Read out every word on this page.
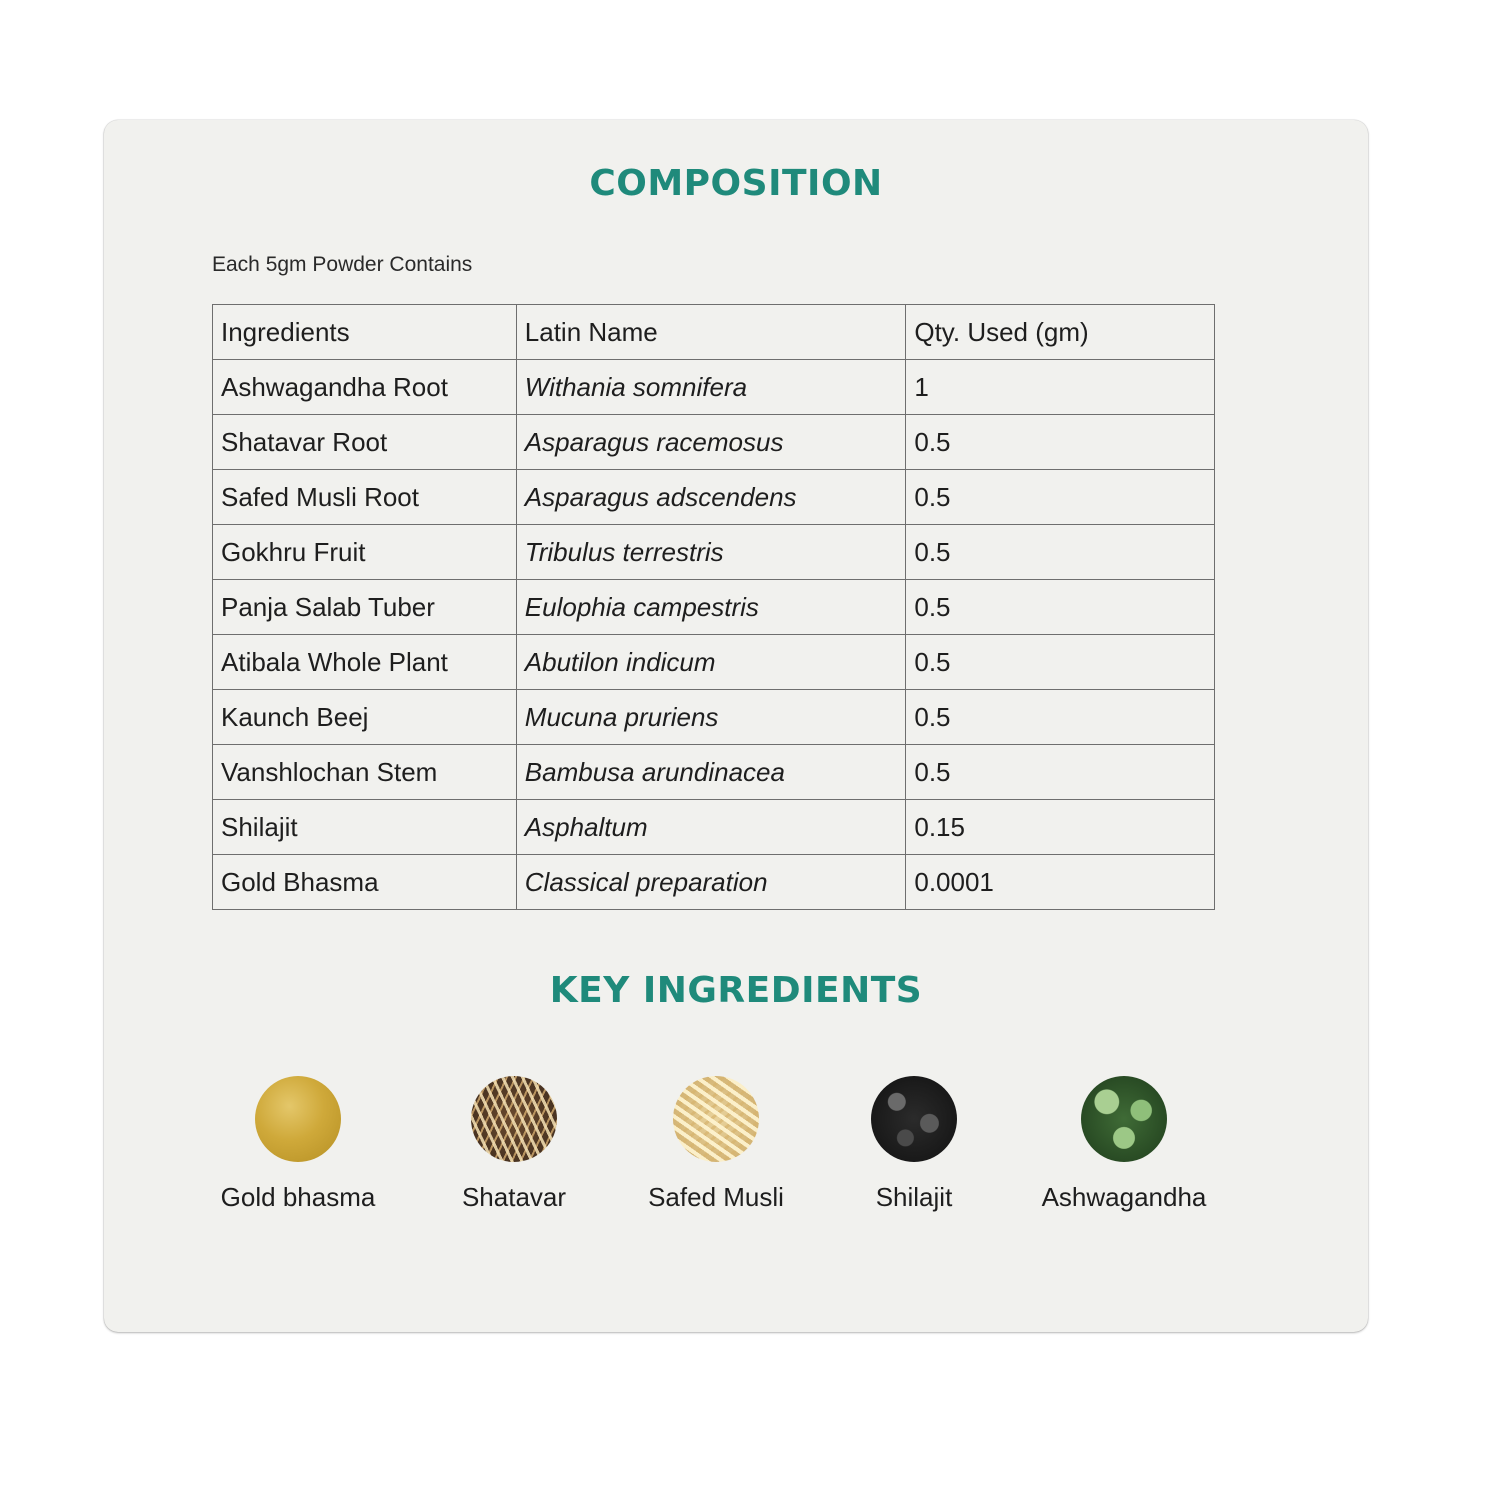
COMPOSITION
Each 5gm Powder Contains
Ingredients	Latin Name	Qty. Used (gm)
Ashwagandha Root	Withania somnifera	1
Shatavar Root	Asparagus racemosus	0.5
Safed Musli Root	Asparagus adscendens	0.5
Gokhru Fruit	Tribulus terrestris	0.5
Panja Salab Tuber	Eulophia campestris	0.5
Atibala Whole Plant	Abutilon indicum	0.5
Kaunch Beej	Mucuna pruriens	0.5
Vanshlochan Stem	Bambusa arundinacea	0.5
Shilajit	Asphaltum	0.15
Gold Bhasma	Classical preparation	0.0001
KEY INGREDIENTS
Gold bhasma	Shatavar	Safed Musli	Shilajit	Ashwagandha
